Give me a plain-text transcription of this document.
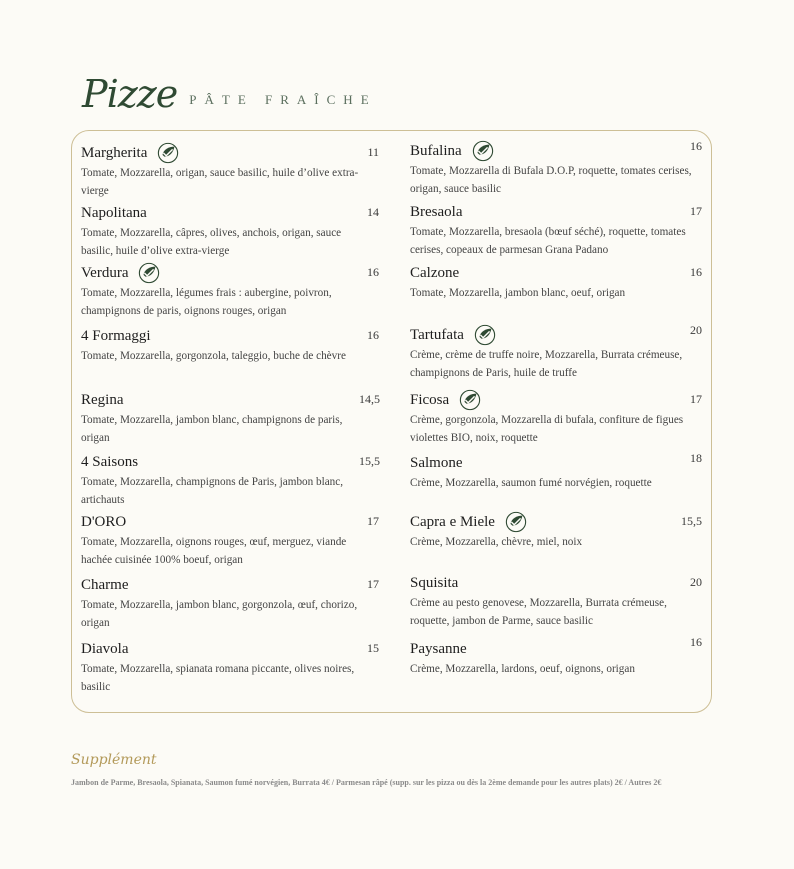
Pizze PÂTE FRAÎCHE
Margherita	11
Tomate, Mozzarella, origan, sauce basilic, huile d’olive extra-vierge
Napolitana	14
Tomate, Mozzarella, câpres, olives, anchois, origan, sauce basilic, huile d’olive extra-vierge
Verdura	16
Tomate, Mozzarella, légumes frais : aubergine, poivron, champignons de paris, oignons rouges, origan
4 Formaggi	16
Tomate, Mozzarella, gorgonzola, taleggio, buche de chèvre
Regina	14,5
Tomate, Mozzarella, jambon blanc, champignons de paris, origan
4 Saisons	15,5
Tomate, Mozzarella, champignons de Paris, jambon blanc, artichauts
D'ORO	17
Tomate, Mozzarella, oignons rouges, œuf, merguez, viande hachée cuisinée 100% boeuf, origan
Charme	17
Tomate, Mozzarella, jambon blanc, gorgonzola, œuf, chorizo, origan
Diavola	15
Tomate, Mozzarella, spianata romana piccante, olives noires, basilic
Bufalina	16
Tomate, Mozzarella di Bufala D.O.P, roquette, tomates cerises, origan, sauce basilic
Bresaola	17
Tomate, Mozzarella, bresaola (bœuf séché), roquette, tomates cerises, copeaux de parmesan Grana Padano
Calzone	16
Tomate, Mozzarella, jambon blanc, oeuf, origan
Tartufata	20
Crème, crème de truffe noire, Mozzarella, Burrata crémeuse, champignons de Paris, huile de truffe
Ficosa	17
Crème, gorgonzola, Mozzarella di bufala, confiture de figues violettes BIO, noix, roquette
Salmone	18
Crème, Mozzarella, saumon fumé norvégien, roquette
Capra e Miele	15,5
Crème, Mozzarella, chèvre, miel, noix
Squisita	20
Crème au pesto genovese, Mozzarella, Burrata crémeuse, roquette, jambon de Parme, sauce basilic
Paysanne	16
Crème, Mozzarella, lardons, oeuf, oignons, origan
Supplément
Jambon de Parme, Bresaola, Spianata, Saumon fumé norvégien, Burrata 4€ / Parmesan râpé (supp. sur les pizza ou dès la 2ème demande pour les autres plats) 2€ / Autres 2€
